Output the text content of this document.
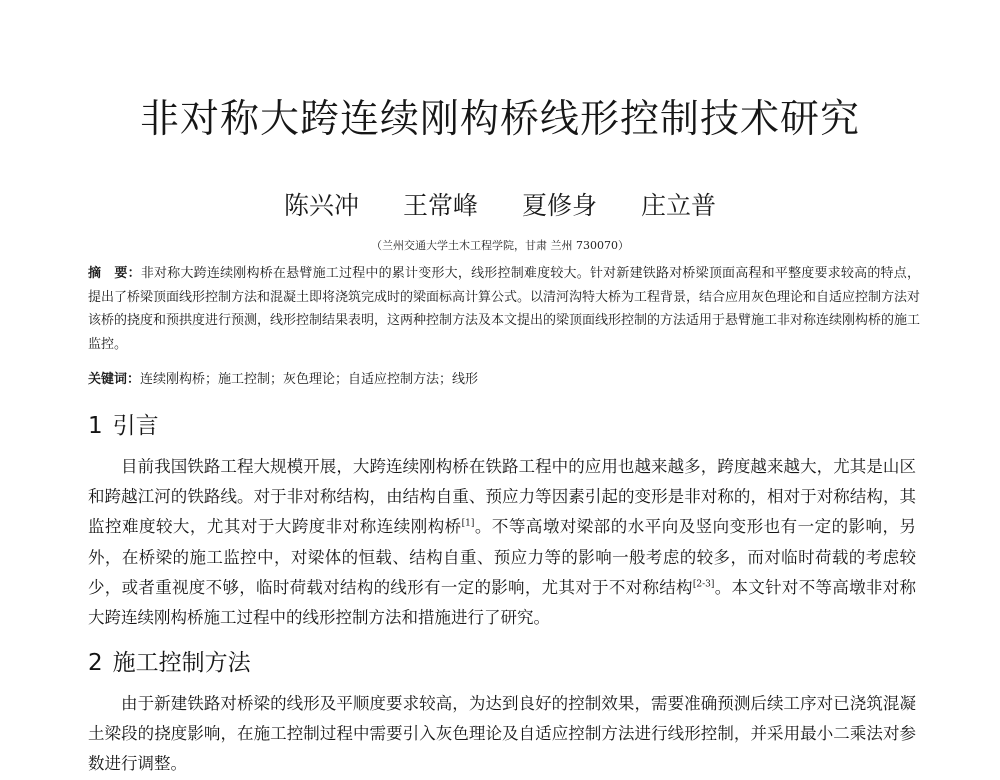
非对称大跨连续刚构桥线形控制技术研究
陈兴冲 王常峰 夏修身 庄立普
（兰州交通大学土木工程学院，甘肃 兰州 730070）
摘　要：非对称大跨连续刚构桥在悬臂施工过程中的累计变形大，线形控制难度较大。针对新建铁路对桥梁顶面高程和平整度要求较高的特点，提出了桥梁顶面线形控制方法和混凝土即将浇筑完成时的梁面标高计算公式。以清河沟特大桥为工程背景，结合应用灰色理论和自适应控制方法对该桥的挠度和预拱度进行预测，线形控制结果表明，这两种控制方法及本文提出的梁顶面线形控制的方法适用于悬臂施工非对称连续刚构桥的施工监控。
关键词：连续刚构桥；施工控制；灰色理论；自适应控制方法；线形
1 引言

目前我国铁路工程大规模开展，大跨连续刚构桥在铁路工程中的应用也越来越多，跨度越来越大，尤其是山区和跨越江河的铁路线。对于非对称结构，由结构自重、预应力等因素引起的变形是非对称的，相对于对称结构，其监控难度较大，尤其对于大跨度非对称连续刚构桥[1]。不等高墩对梁部的水平向及竖向变形也有一定的影响，另外，在桥梁的施工监控中，对梁体的恒载、结构自重、预应力等的影响一般考虑的较多，而对临时荷载的考虑较少，或者重视度不够，临时荷载对结构的线形有一定的影响，尤其对于不对称结构[2-3]。本文针对不等高墩非对称大跨连续刚构桥施工过程中的线形控制方法和措施进行了研究。

2 施工控制方法

由于新建铁路对桥梁的线形及平顺度要求较高，为达到良好的控制效果，需要准确预测后续工序对已浇筑混凝土梁段的挠度影响，在施工控制过程中需要引入灰色理论及自适应控制方法进行线形控制，并采用最小二乘法对参数进行调整。
